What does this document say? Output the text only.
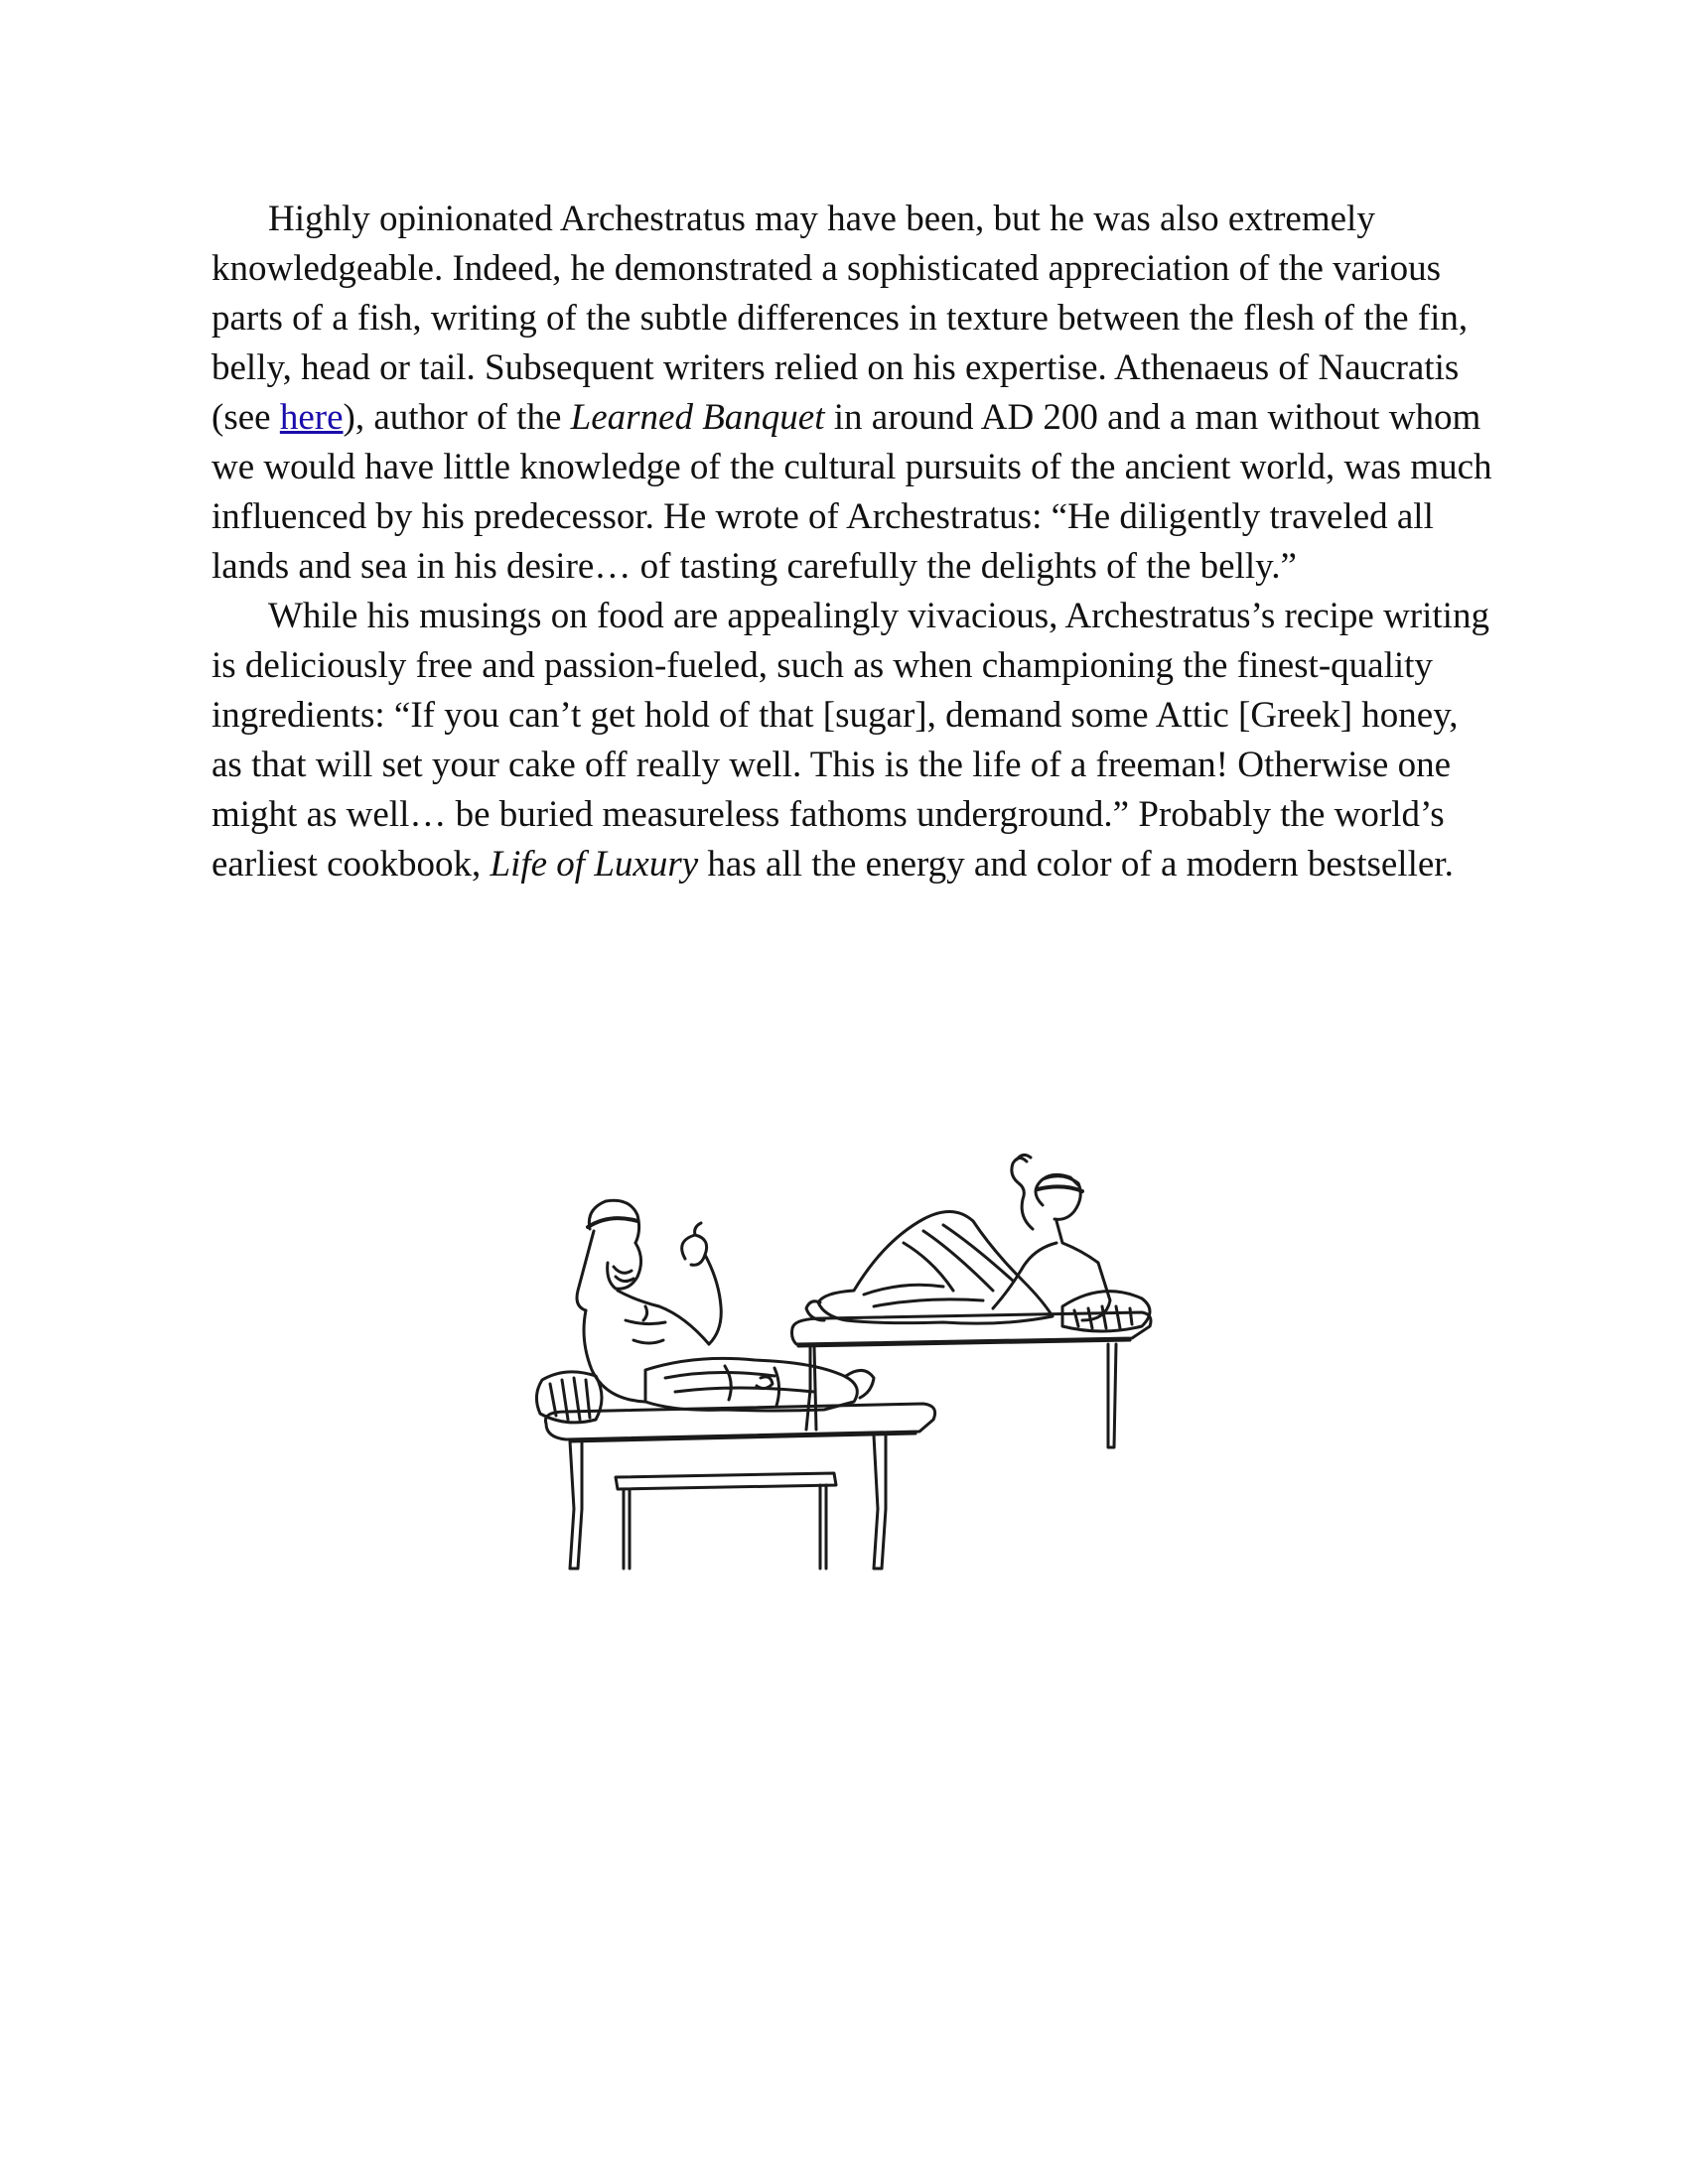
Highly opinionated Archestratus may have been, but he was also extremely knowledgeable. Indeed, he demonstrated a sophisticated appreciation of the various parts of a fish, writing of the subtle differences in texture between the flesh of the fin, belly, head or tail. Subsequent writers relied on his expertise. Athenaeus of Naucratis (see here), author of the Learned Banquet in around AD 200 and a man without whom we would have little knowledge of the cultural pursuits of the ancient world, was much influenced by his predecessor. He wrote of Archestratus: “He diligently traveled all lands and sea in his desire… of tasting carefully the delights of the belly.”

While his musings on food are appealingly vivacious, Archestratus’s recipe writing is deliciously free and passion-fueled, such as when championing the finest-quality ingredients: “If you can’t get hold of that [sugar], demand some Attic [Greek] honey, as that will set your cake off really well. This is the life of a freeman! Otherwise one might as well… be buried measureless fathoms underground.” Probably the world’s earliest cookbook, Life of Luxury has all the energy and color of a modern bestseller.
